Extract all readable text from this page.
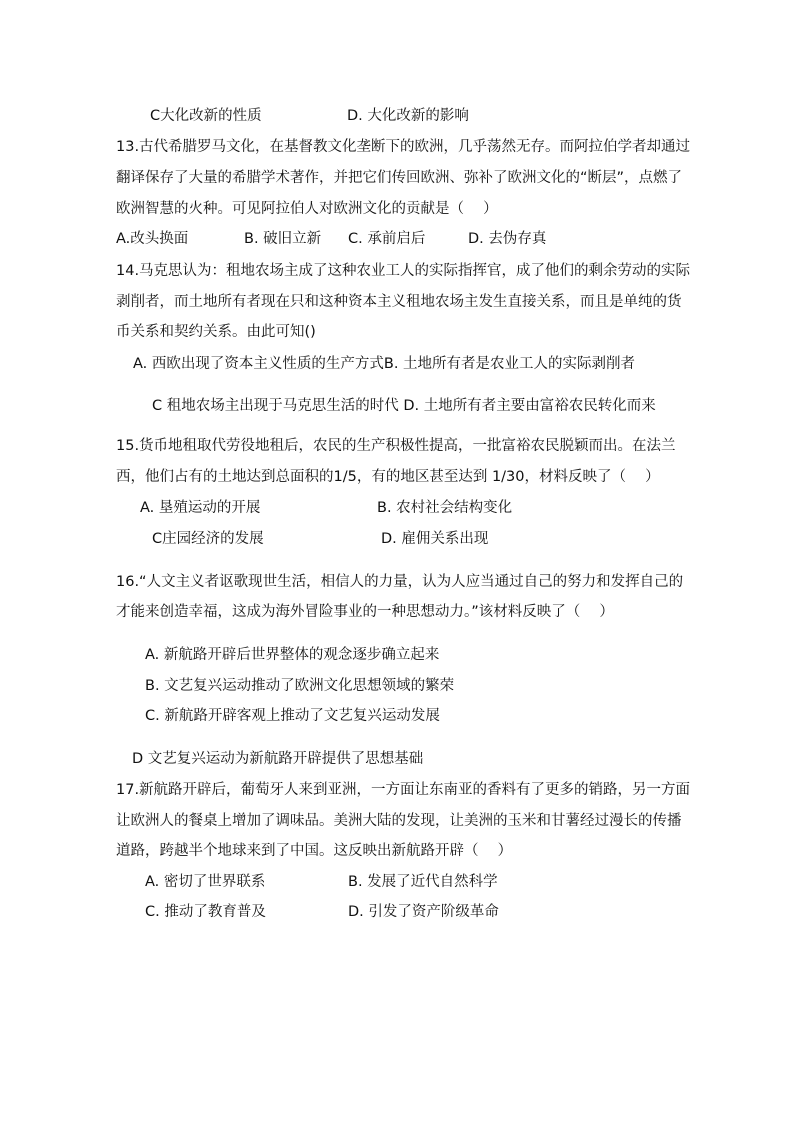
C大化改新的性质	D. 大化改新的影响
13.古代希腊罗马文化，在基督教文化垄断下的欧洲，几乎荡然无存。而阿拉伯学者却通过
翻译保存了大量的希腊学术著作，并把它们传回欧洲、弥补了欧洲文化的“断层”，点燃了
欧洲智慧的火种。可见阿拉伯人对欧洲文化的贡献是（　 ）
A.改头换面	B. 破旧立新 C. 承前启后	D. 去伪存真
14.马克思认为：租地农场主成了这种农业工人的实际指挥官，成了他们的剩余劳动的实际
剥削者，而土地所有者现在只和这种资本主义租地农场主发生直接关系，而且是单纯的货
币关系和契约关系。由此可知()
A. 西欧出现了资本主义性质的生产方式B. 土地所有者是农业工人的实际剥削者
C 租地农场主出现于马克思生活的时代 D. 土地所有者主要由富裕农民转化而来
15.货币地租取代劳役地租后，农民的生产积极性提高，一批富裕农民脱颖而出。在法兰
西，他们占有的土地达到总面积的1/5，有的地区甚至达到 1/30，材料反映了（　 ）
A. 垦殖运动的开展	B. 农村社会结构变化
C庄园经济的发展	D. 雇佣关系出现
16.“人文主义者讴歌现世生活，相信人的力量，认为人应当通过自己的努力和发挥自己的
才能来创造幸福，这成为海外冒险事业的一种思想动力。”该材料反映了（　 ）
A. 新航路开辟后世界整体的观念逐步确立起来
B. 文艺复兴运动推动了欧洲文化思想领域的繁荣
C. 新航路开辟客观上推动了文艺复兴运动发展
D 文艺复兴运动为新航路开辟提供了思想基础
17.新航路开辟后，葡萄牙人来到亚洲，一方面让东南亚的香料有了更多的销路，另一方面
让欧洲人的餐桌上增加了调味品。美洲大陆的发现，让美洲的玉米和甘薯经过漫长的传播
道路，跨越半个地球来到了中国。这反映出新航路开辟（　 ）
A. 密切了世界联系	B. 发展了近代自然科学
C. 推动了教育普及	D. 引发了资产阶级革命
